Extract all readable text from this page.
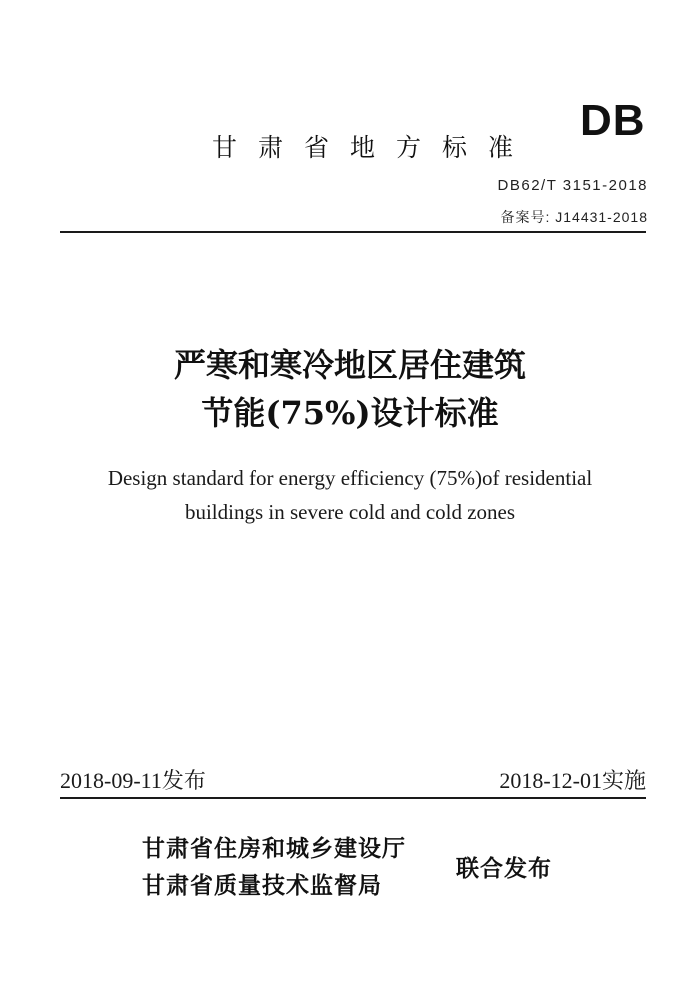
DB
甘肃省地方标准
DB62/T 3151-2018
备案号: J14431-2018
严寒和寒冷地区居住建筑
节能(75%)设计标准
Design standard for energy efficiency (75%)of residential
buildings in severe cold and cold zones
2018-09-11发布	2018-12-01实施
甘肃省住房和城乡建设厅
甘肃省质量技术监督局
联合发布
